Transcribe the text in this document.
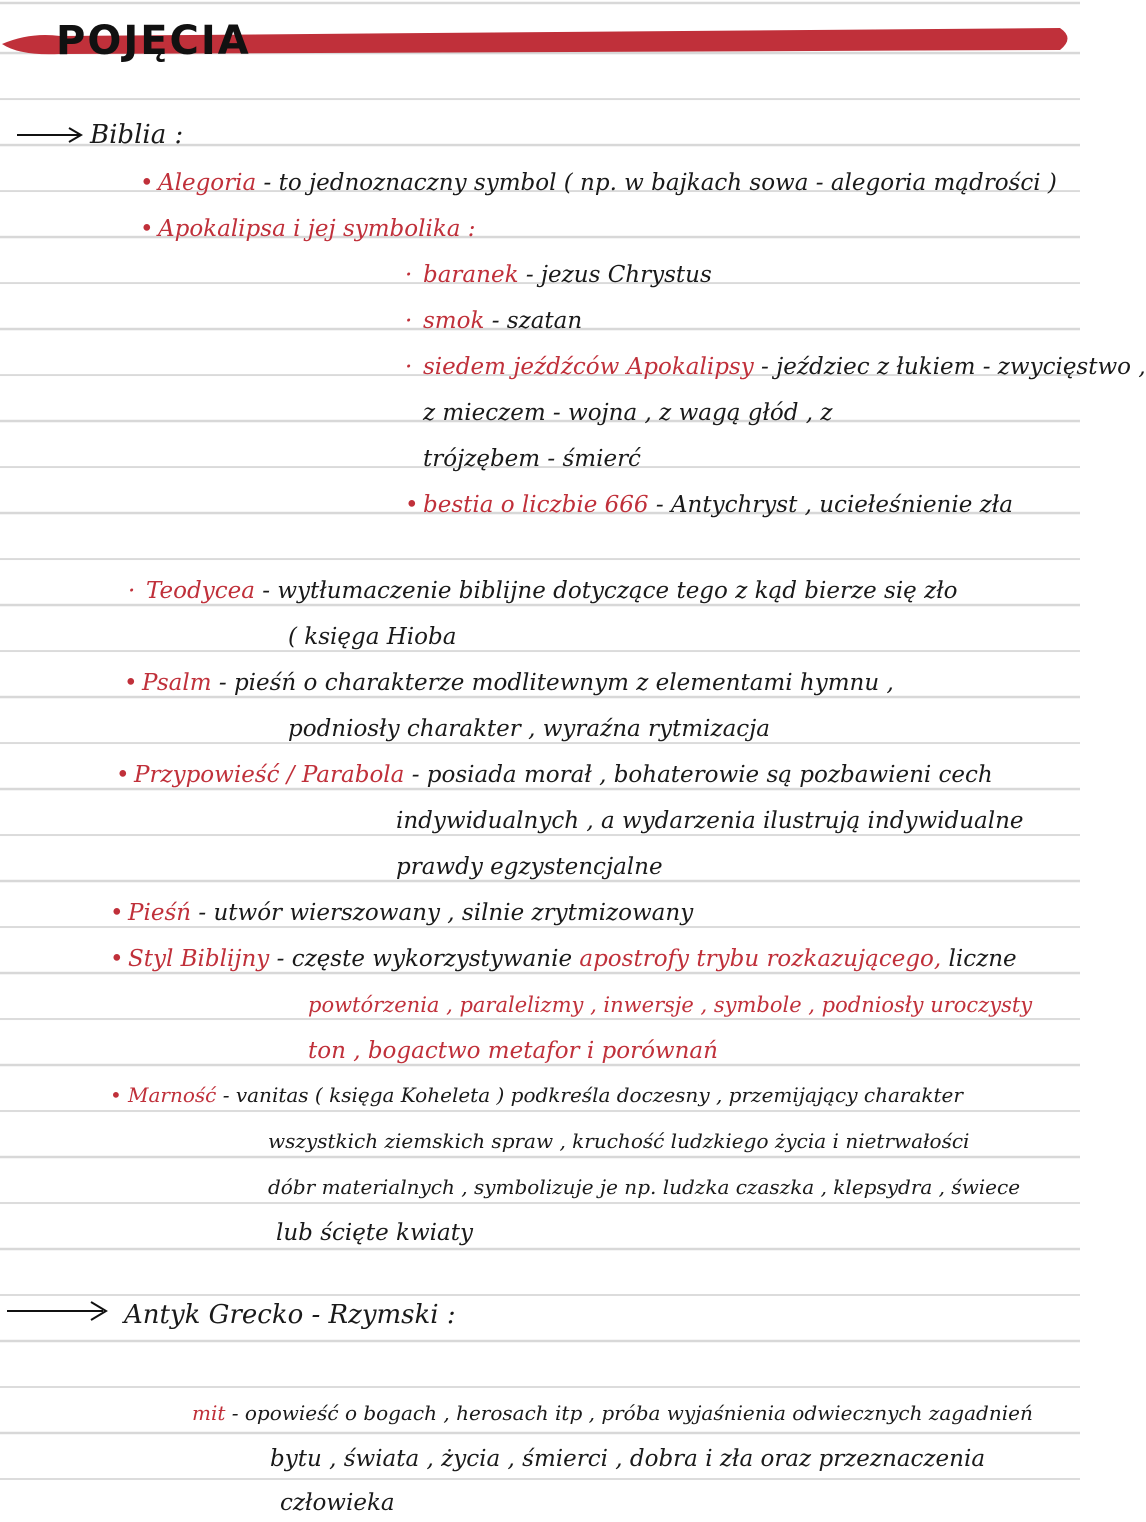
POJĘCIA
Biblia :
• Alegoria - to jednoznaczny symbol ( np. w bajkach sowa - alegoria mądrości )
• Apokalipsa i jej symbolika :
· baranek - jezus Chrystus
· smok - szatan
· siedem jeźdźców Apokalipsy - jeździec z łukiem - zwycięstwo ,
z mieczem - wojna , z wagą głód , z
trójzębem - śmierć
• bestia o liczbie 666 - Antychryst , uciełeśnienie zła
· Teodycea - wytłumaczenie biblijne dotyczące tego z kąd bierze się zło
( księga Hioba
• Psalm - pieśń o charakterze modlitewnym z elementami hymnu ,
podniosły charakter , wyraźna rytmizacja
• Przypowieść / Parabola - posiada morał , bohaterowie są pozbawieni cech
indywidualnych , a wydarzenia ilustrują indywidualne
prawdy egzystencjalne
• Pieśń - utwór wierszowany , silnie zrytmizowany
• Styl Biblijny - częste wykorzystywanie apostrofy trybu rozkazującego, liczne
powtórzenia , paralelizmy , inwersje , symbole , podniosły uroczysty
ton , bogactwo metafor i porównań
• Marność - vanitas ( księga Koheleta ) podkreśla doczesny , przemijający charakter
wszystkich ziemskich spraw , kruchość ludzkiego życia i nietrwałości
dóbr materialnych , symbolizuje je np. ludzka czaszka , klepsydra , świece
lub ścięte kwiaty
Antyk Grecko - Rzymski :
mit - opowieść o bogach , herosach itp , próba wyjaśnienia odwiecznych zagadnień
bytu , świata , życia , śmierci , dobra i zła oraz przeznaczenia
człowieka
